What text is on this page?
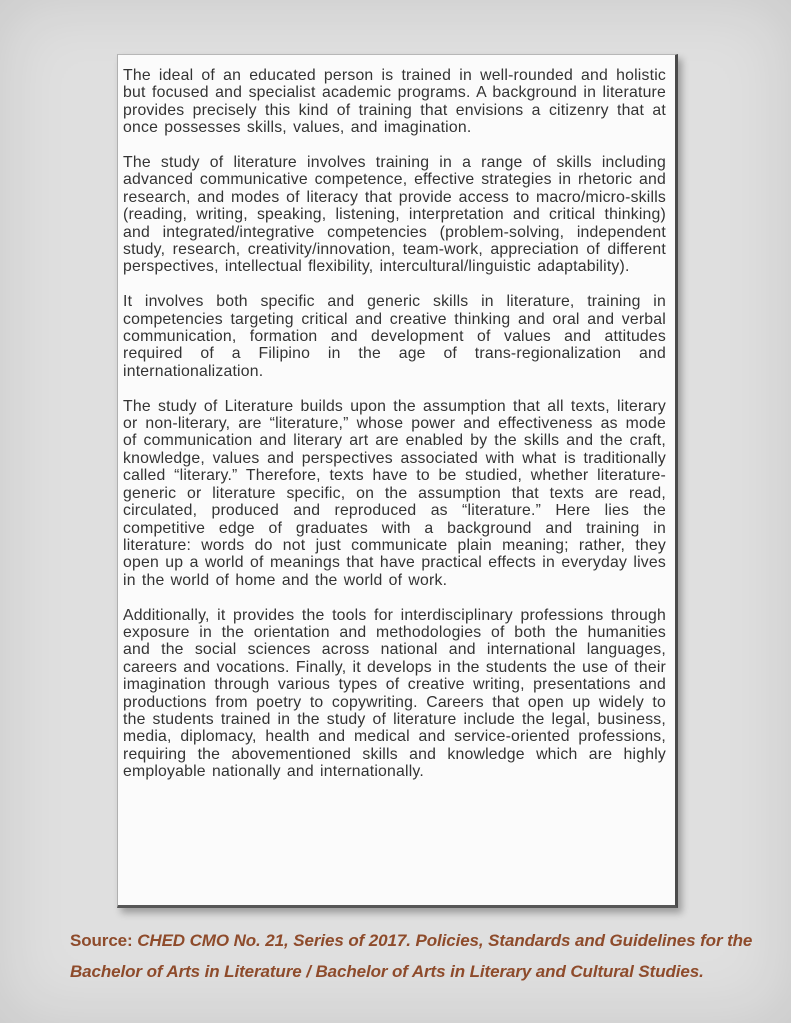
The ideal of an educated person is trained in well-rounded and holistic but focused and specialist academic programs. A background in literature provides precisely this kind of training that envisions a citizenry that at once possesses skills, values, and imagination.

The study of literature involves training in a range of skills including advanced communicative competence, effective strategies in rhetoric and research, and modes of literacy that provide access to macro/micro-skills (reading, writing, speaking, listening, interpretation and critical thinking) and integrated/integrative competencies (problem-solving, independent study, research, creativity/innovation, team-work, appreciation of different perspectives, intellectual flexibility, intercultural/linguistic adaptability).

It involves both specific and generic skills in literature, training in competencies targeting critical and creative thinking and oral and verbal communication, formation and development of values and attitudes required of a Filipino in the age of trans-regionalization and internationalization.

The study of Literature builds upon the assumption that all texts, literary or non-literary, are “literature,” whose power and effectiveness as mode of communication and literary art are enabled by the skills and the craft, knowledge, values and perspectives associated with what is traditionally called “literary.” Therefore, texts have to be studied, whether literature-generic or literature specific, on the assumption that texts are read, circulated, produced and reproduced as “literature.” Here lies the competitive edge of graduates with a background and training in literature: words do not just communicate plain meaning; rather, they open up a world of meanings that have practical effects in everyday lives in the world of home and the world of work.

Additionally, it provides the tools for interdisciplinary professions through exposure in the orientation and methodologies of both the humanities and the social sciences across national and international languages, careers and vocations. Finally, it develops in the students the use of their imagination through various types of creative writing, presentations and productions from poetry to copywriting. Careers that open up widely to the students trained in the study of literature include the legal, business, media, diplomacy, health and medical and service-oriented professions, requiring the abovementioned skills and knowledge which are highly employable nationally and internationally.

Source: CHED CMO No. 21, Series of 2017. Policies, Standards and Guidelines for the Bachelor of Arts in Literature / Bachelor of Arts in Literary and Cultural Studies.
